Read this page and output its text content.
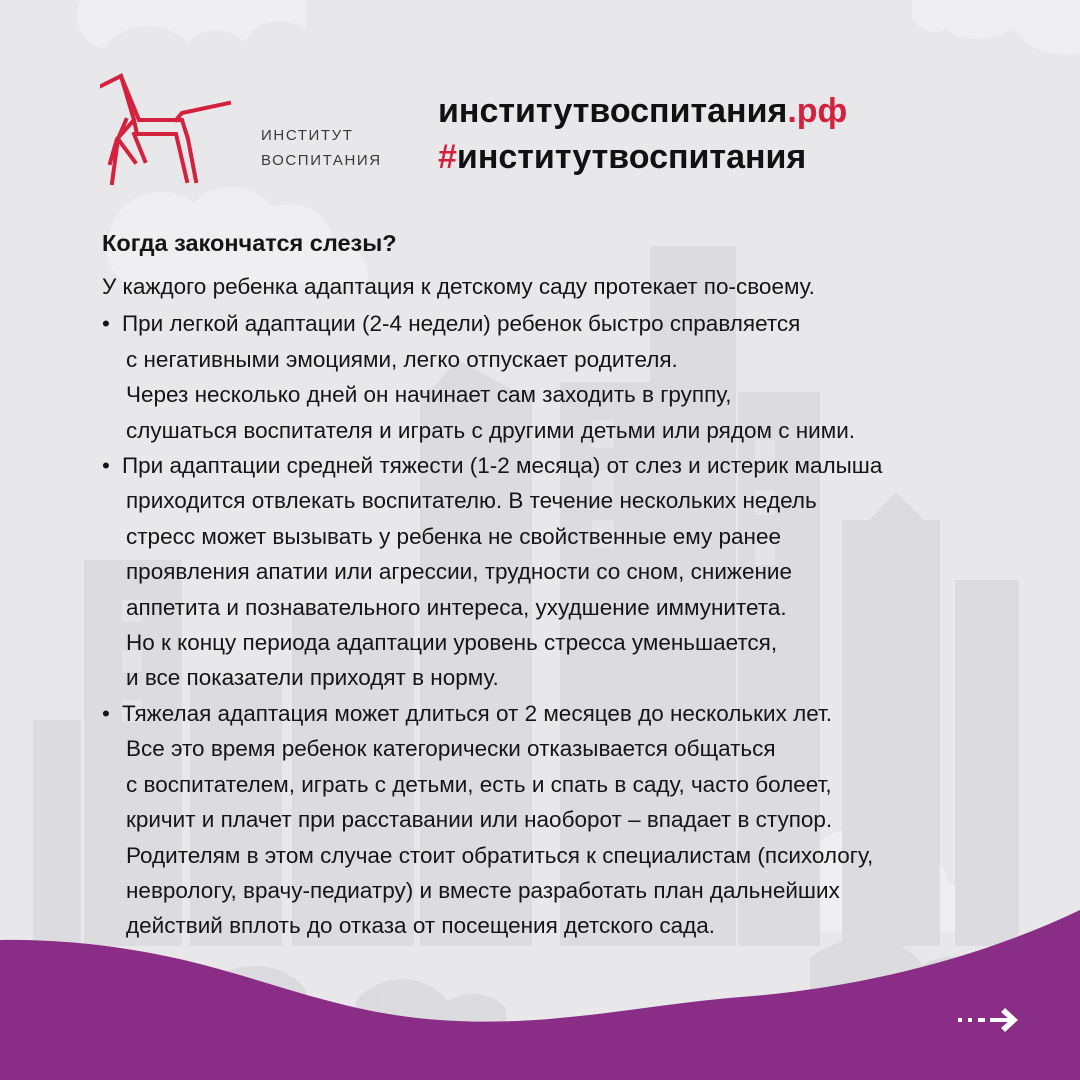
ИНСТИТУТ
ВОСПИТАНИЯ
институтвоспитания.рф
#институтвоспитания
Когда закончатся слезы?

У каждого ребенка адаптация к детскому саду протекает по-своему.

• При легкой адаптации (2-4 недели) ребенок быстро справляется
с негативными эмоциями, легко отпускает родителя.
Через несколько дней он начинает сам заходить в группу,
слушаться воспитателя и играть с другими детьми или рядом с ними.
• При адаптации средней тяжести (1-2 месяца) от слез и истерик малыша
приходится отвлекать воспитателю. В течение нескольких недель
стресс может вызывать у ребенка не свойственные ему ранее
проявления апатии или агрессии, трудности со сном, снижение
аппетита и познавательного интереса, ухудшение иммунитета.
Но к концу периода адаптации уровень стресса уменьшается,
и все показатели приходят в норму.
• Тяжелая адаптация может длиться от 2 месяцев до нескольких лет.
Все это время ребенок категорически отказывается общаться
с воспитателем, играть с детьми, есть и спать в саду, часто болеет,
кричит и плачет при расставании или наоборот – впадает в ступор.
Родителям в этом случае стоит обратиться к специалистам (психологу,
неврологу, врачу-педиатру) и вместе разработать план дальнейших
действий вплоть до отказа от посещения детского сада.
